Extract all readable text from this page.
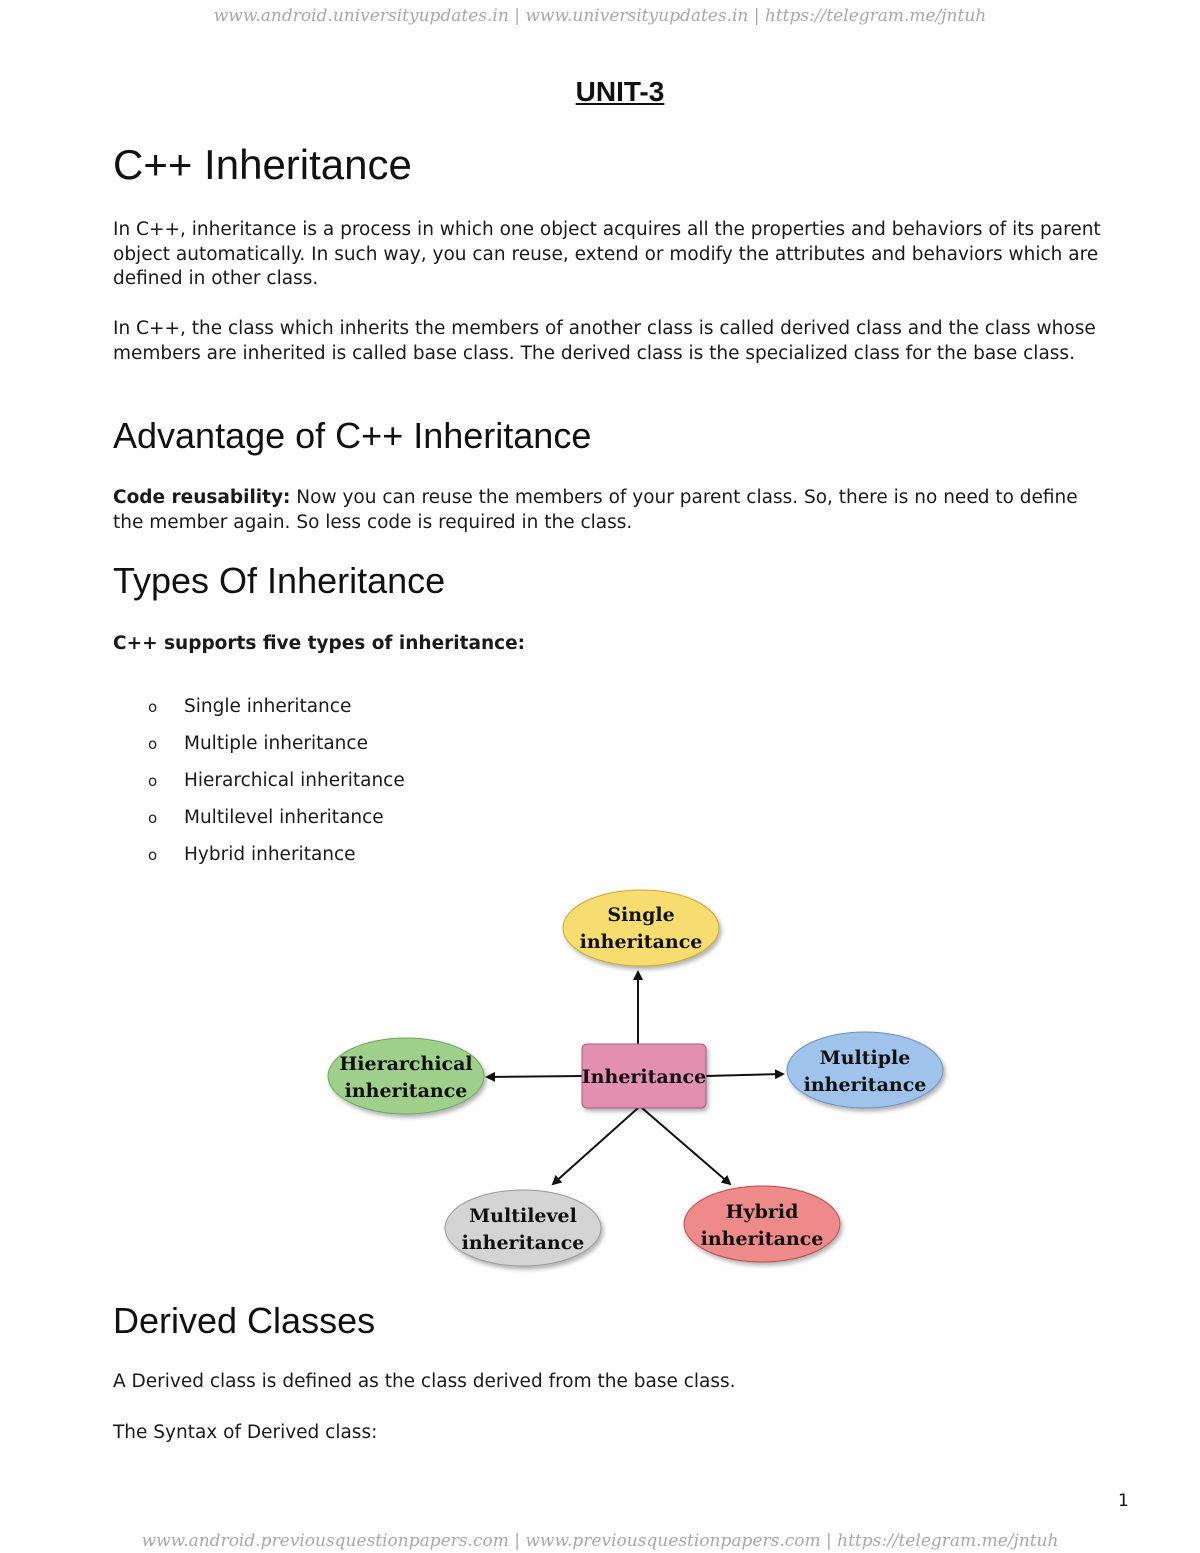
www.android.universityupdates.in | www.universityupdates.in | https://telegram.me/jntuh
UNIT-3
C++ Inheritance

In C++, inheritance is a process in which one object acquires all the properties and behaviors of its parent object automatically. In such way, you can reuse, extend or modify the attributes and behaviors which are defined in other class.

In C++, the class which inherits the members of another class is called derived class and the class whose members are inherited is called base class. The derived class is the specialized class for the base class.

Advantage of C++ Inheritance

Code reusability: Now you can reuse the members of your parent class. So, there is no need to define the member again. So less code is required in the class.

Types Of Inheritance

C++ supports five types of inheritance:

o	Single inheritance
o	Multiple inheritance
o	Hierarchical inheritance
o	Multilevel inheritance
o	Hybrid inheritance
Inheritance
Single
inheritance
Multiple
inheritance
Hierarchical
inheritance
Multilevel
inheritance
Hybrid
inheritance
Derived Classes

A Derived class is defined as the class derived from the base class.

The Syntax of Derived class:

1
www.android.previousquestionpapers.com | www.previousquestionpapers.com | https://telegram.me/jntuh
